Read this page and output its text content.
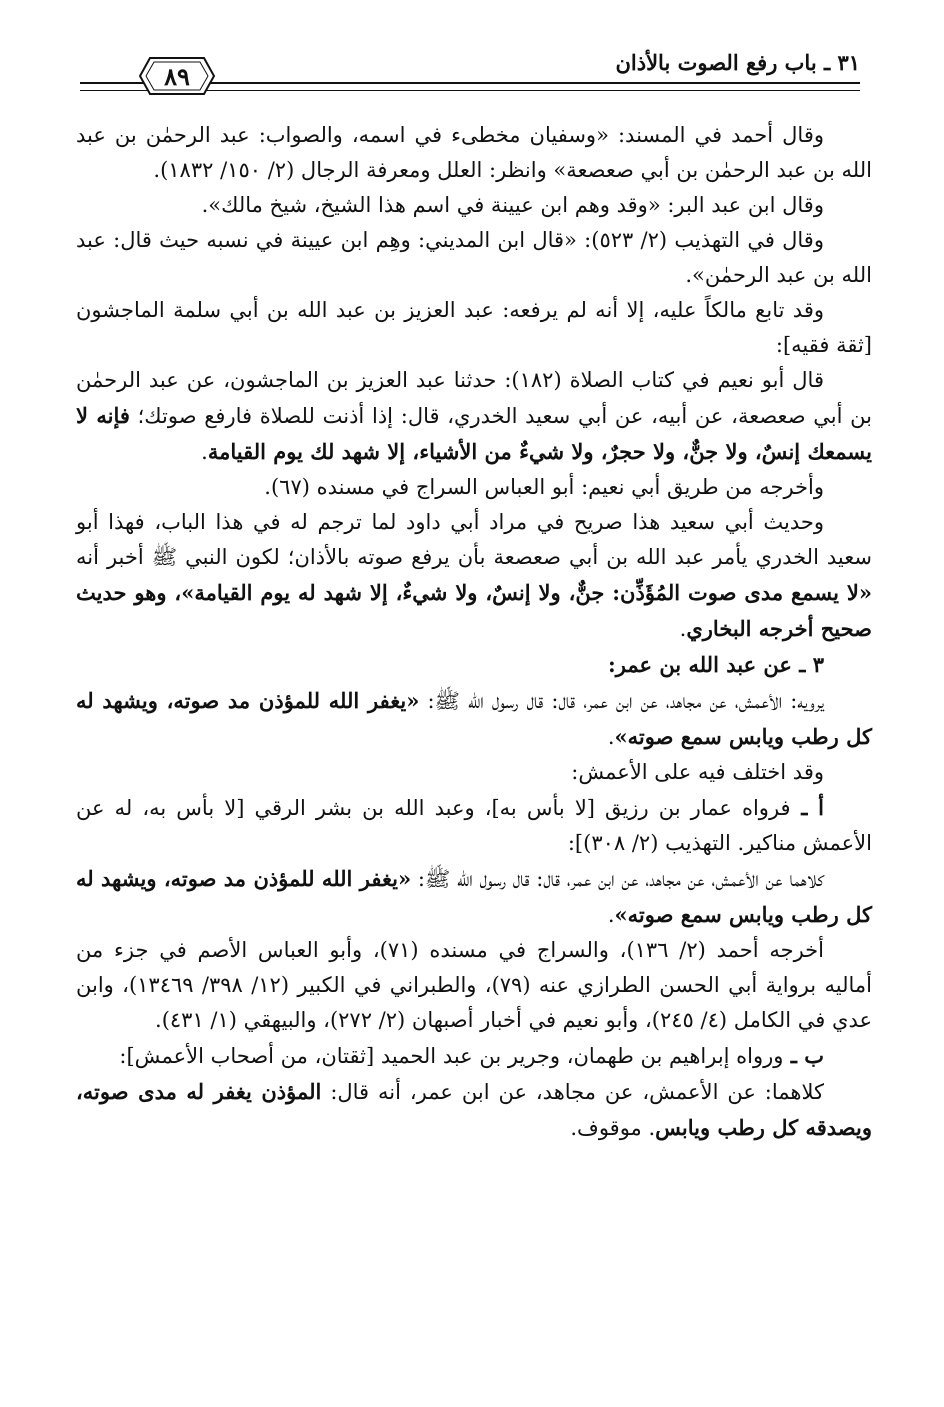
٣١ ـ باب رفع الصوت بالأذان
٨٩

وقال أحمد في المسند: «وسفيان مخطىء في اسمه، والصواب: عبد الرحمٰن بن عبد الله بن عبد الرحمٰن بن أبي صعصعة» وانظر: العلل ومعرفة الرجال (٢/ ١٥٠/ ١٨٣٢).

وقال ابن عبد البر: «وقد وهم ابن عيينة في اسم هذا الشيخ، شيخ مالك».

وقال في التهذيب (٢/ ٥٢٣): «قال ابن المديني: وهِم ابن عيينة في نسبه حيث قال: عبد الله بن عبد الرحمٰن».

وقد تابع مالكاً عليه، إلا أنه لم يرفعه: عبد العزيز بن عبد الله بن أبي سلمة الماجشون [ثقة فقيه]:

قال أبو نعيم في كتاب الصلاة (١٨٢): حدثنا عبد العزيز بن الماجشون، عن عبد الرحمٰن بن أبي صعصعة، عن أبيه، عن أبي سعيد الخدري، قال: إذا أذنت للصلاة فارفع صوتك؛ فإنه لا يسمعك إنسٌ، ولا جنٌّ، ولا حجرٌ، ولا شيءٌ من الأشياء، إلا شهد لك يوم القيامة.

وأخرجه من طريق أبي نعيم: أبو العباس السراج في مسنده (٦٧).

وحديث أبي سعيد هذا صريح في مراد أبي داود لما ترجم له في هذا الباب، فهذا أبو سعيد الخدري يأمر عبد الله بن أبي صعصعة بأن يرفع صوته بالأذان؛ لكون النبي ﷺ أخبر أنه «لا يسمع مدى صوت المُؤَذِّن: جنٌّ، ولا إنسٌ، ولا شيءٌ، إلا شهد له يوم القيامة»، وهو حديث صحيح أخرجه البخاري.

٣ ـ عن عبد الله بن عمر:

يرويه: الأعمش، عن مجاهد، عن ابن عمر، قال: قال رسول الله ﷺ: «يغفر الله للمؤذن مد صوته، ويشهد له كل رطب ويابس سمع صوته».

وقد اختلف فيه على الأعمش:

أ ـ فرواه عمار بن رزيق [لا بأس به]، وعبد الله بن بشر الرقي [لا بأس به، له عن الأعمش مناكير. التهذيب (٢/ ٣٠٨)]:

كلاهما عن الأعمش، عن مجاهد، عن ابن عمر، قال: قال رسول الله ﷺ: «يغفر الله للمؤذن مد صوته، ويشهد له كل رطب ويابس سمع صوته».

أخرجه أحمد (٢/ ١٣٦)، والسراج في مسنده (٧١)، وأبو العباس الأصم في جزء من أماليه برواية أبي الحسن الطرازي عنه (٧٩)، والطبراني في الكبير (١٢/ ٣٩٨/ ١٣٤٦٩)، وابن عدي في الكامل (٤/ ٢٤٥)، وأبو نعيم في أخبار أصبهان (٢/ ٢٧٢)، والبيهقي (١/ ٤٣١).

ب ـ ورواه إبراهيم بن طهمان، وجرير بن عبد الحميد [ثقتان، من أصحاب الأعمش]:

كلاهما: عن الأعمش، عن مجاهد، عن ابن عمر، أنه قال: المؤذن يغفر له مدى صوته، ويصدقه كل رطب ويابس. موقوف.
